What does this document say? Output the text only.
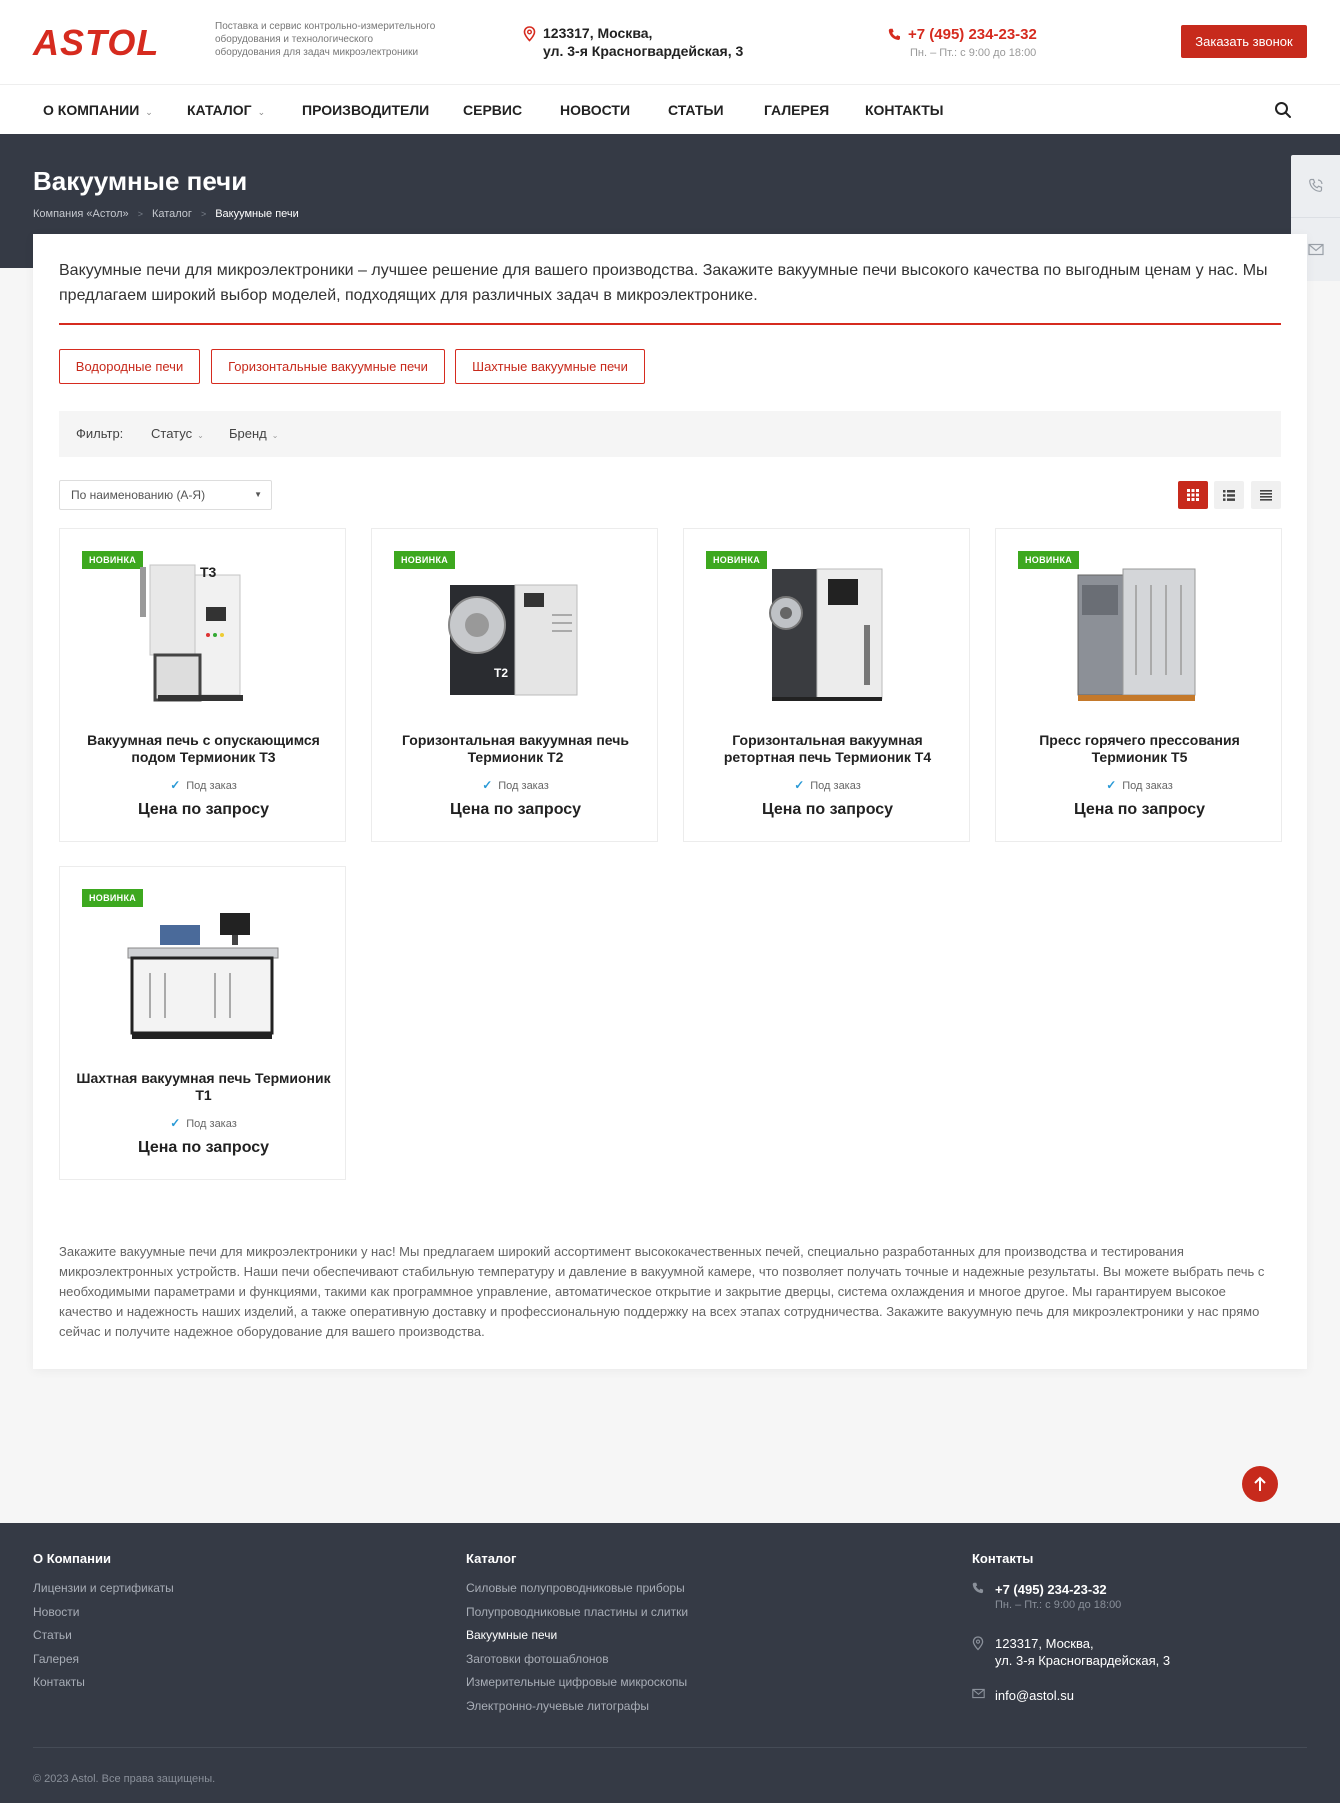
ASTOL	Поставка и сервис контрольно-измерительного оборудования и технологического оборудования для задач микроэлектроники
123317, Москва,
ул. 3-я Красногвардейская, 3
+7 (495) 234-23-32
Пн. – Пт.: с 9:00 до 18:00
Заказать звонок
О КОМПАНИИ ⌄ КАТАЛОГ ⌄	ПРОИЗВОДИТЕЛИ СЕРВИС	НОВОСТИ	СТАТЬИ	ГАЛЕРЕЯ	КОНТАКТЫ
Вакуумные печи
Компания «Астол» > Каталог > Вакуумные печи

Вакуумные печи для микроэлектроники – лучшее решение для вашего производства. Закажите вакуумные печи высокого качества по выгодным ценам у нас. Мы предлагаем широкий выбор моделей, подходящих для различных задач в микроэлектронике.

Водородные печи	Горизонтальные вакуумные печи	Шахтные вакуумные печи
Фильтр: Статус ⌄ Бренд ⌄
По наименованию (А-Я)	▼
НОВИНКА
T3
Вакуумная печь с опускающимся подом Термионик Т3
✓ Под заказ
Цена по запросу
НОВИНКА
T2
Горизонтальная вакуумная печь Термионик Т2
✓ Под заказ
Цена по запросу
НОВИНКА
Горизонтальная вакуумная ретортная печь Термионик Т4
✓ Под заказ
Цена по запросу
НОВИНКА
Пресс горячего прессования Термионик Т5
✓ Под заказ
Цена по запросу
НОВИНКА
Шахтная вакуумная печь Термионик Т1
✓ Под заказ
Цена по запросу

Закажите вакуумные печи для микроэлектроники у нас! Мы предлагаем широкий ассортимент высококачественных печей, специально разработанных для производства и тестирования микроэлектронных устройств. Наши печи обеспечивают стабильную температуру и давление в вакуумной камере, что позволяет получать точные и надежные результаты. Вы можете выбрать печь с необходимыми параметрами и функциями, такими как программное управление, автоматическое открытие и закрытие дверцы, система охлаждения и многое другое. Мы гарантируем высокое качество и надежность наших изделий, а также оперативную доставку и профессиональную поддержку на всех этапах сотрудничества. Закажите вакуумную печь для микроэлектроники у нас прямо сейчас и получите надежное оборудование для вашего производства.

О Компании
Лицензии и сертификаты
Новости
Статьи
Галерея
Контакты
Каталог
Силовые полупроводниковые приборы
Полупроводниковые пластины и слитки
Вакуумные печи
Заготовки фотошаблонов
Измерительные цифровые микроскопы
Электронно-лучевые литографы
Контакты
+7 (495) 234-23-32
Пн. – Пт.: с 9:00 до 18:00
123317, Москва,
ул. 3-я Красногвардейская, 3
info@astol.su
© 2023 Astol. Все права защищены.
